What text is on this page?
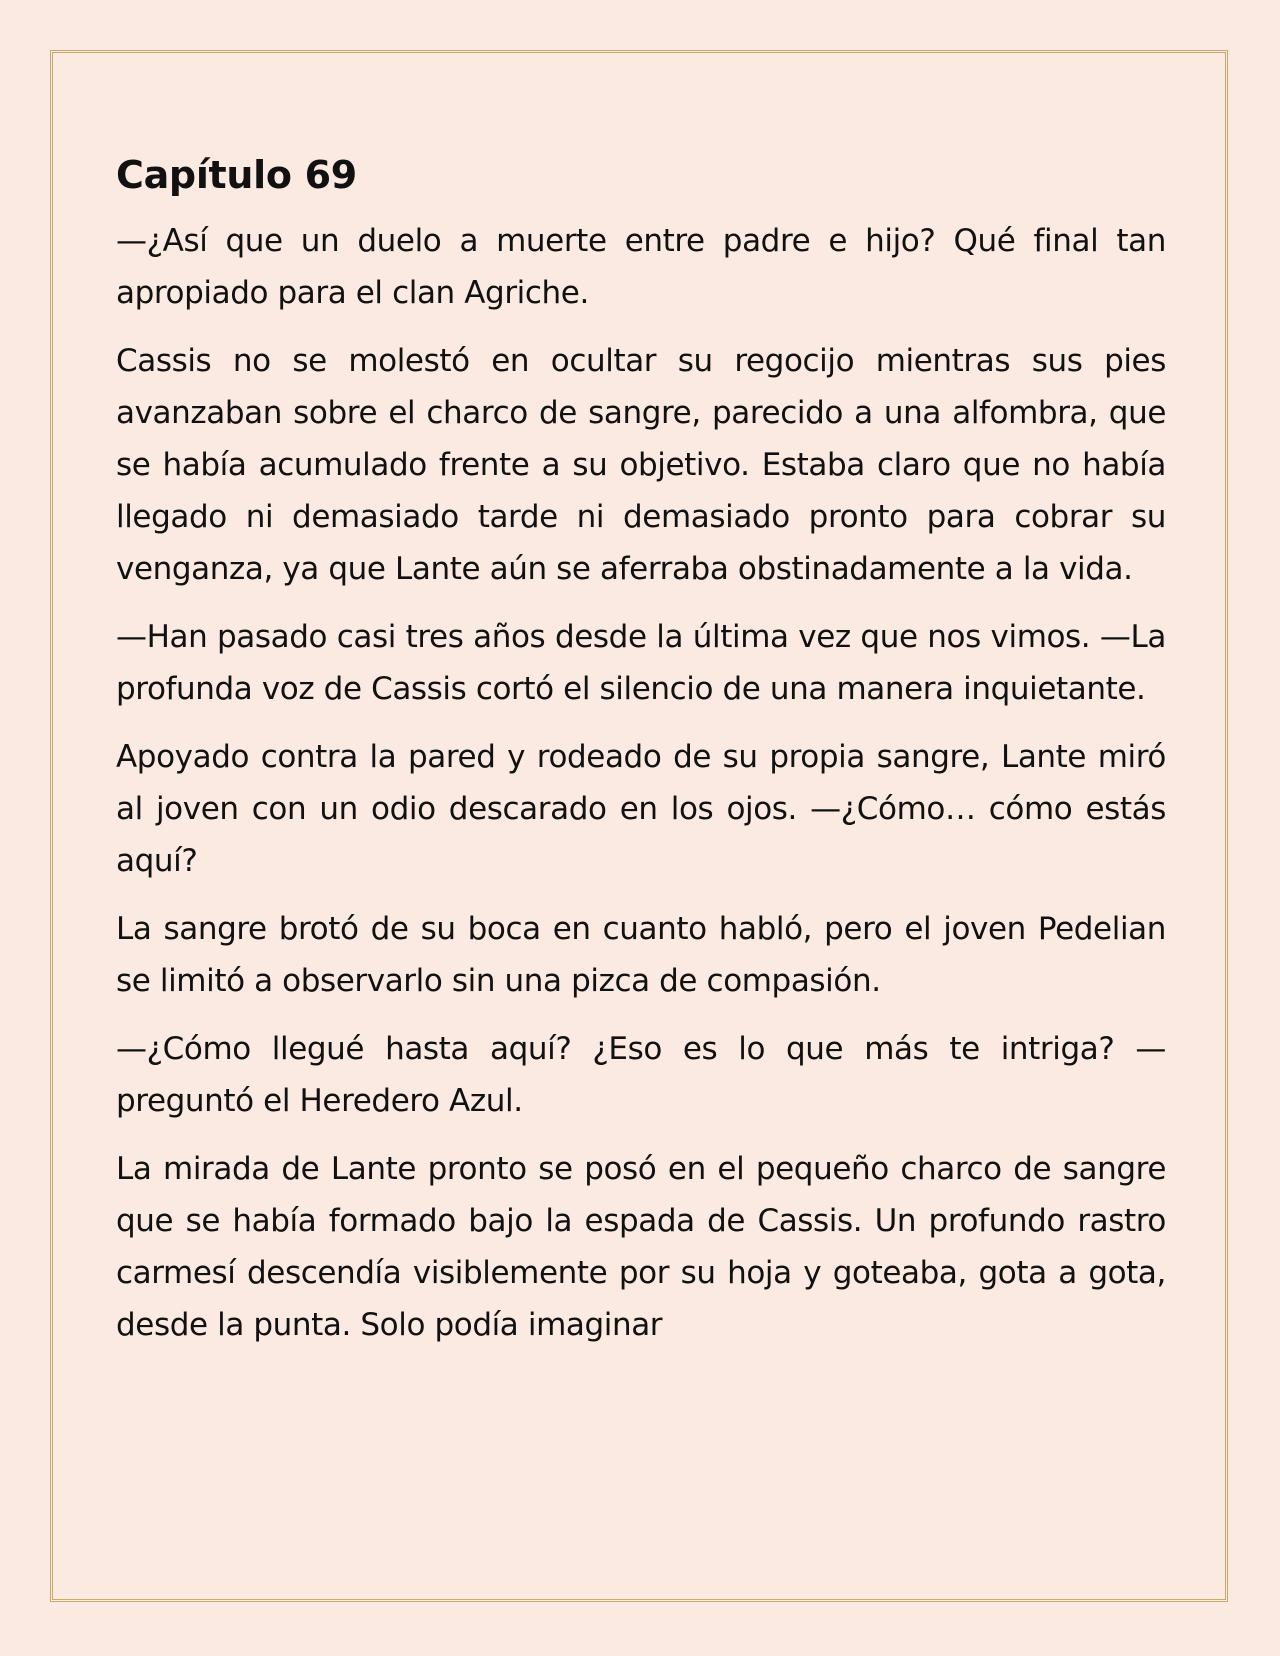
Capítulo 69

—¿Así que un duelo a muerte entre padre e hijo? Qué final tan apropiado para el clan Agriche.

Cassis no se molestó en ocultar su regocijo mientras sus pies avanzaban sobre el charco de sangre, parecido a una alfombra, que se había acumulado frente a su objetivo. Estaba claro que no había llegado ni demasiado tarde ni demasiado pronto para cobrar su venganza, ya que Lante aún se aferraba obstinadamente a la vida.

—Han pasado casi tres años desde la última vez que nos vimos. —La profunda voz de Cassis cortó el silencio de una manera inquietante.

Apoyado contra la pared y rodeado de su propia sangre, Lante miró al joven con un odio descarado en los ojos. —¿Cómo… cómo estás aquí?

La sangre brotó de su boca en cuanto habló, pero el joven Pedelian se limitó a observarlo sin una pizca de compasión.

—¿Cómo llegué hasta aquí? ¿Eso es lo que más te intriga? —preguntó el Heredero Azul.

La mirada de Lante pronto se posó en el pequeño charco de sangre que se había formado bajo la espada de Cassis. Un profundo rastro carmesí descendía visiblemente por su hoja y goteaba, gota a gota, desde la punta. Solo podía imaginar
